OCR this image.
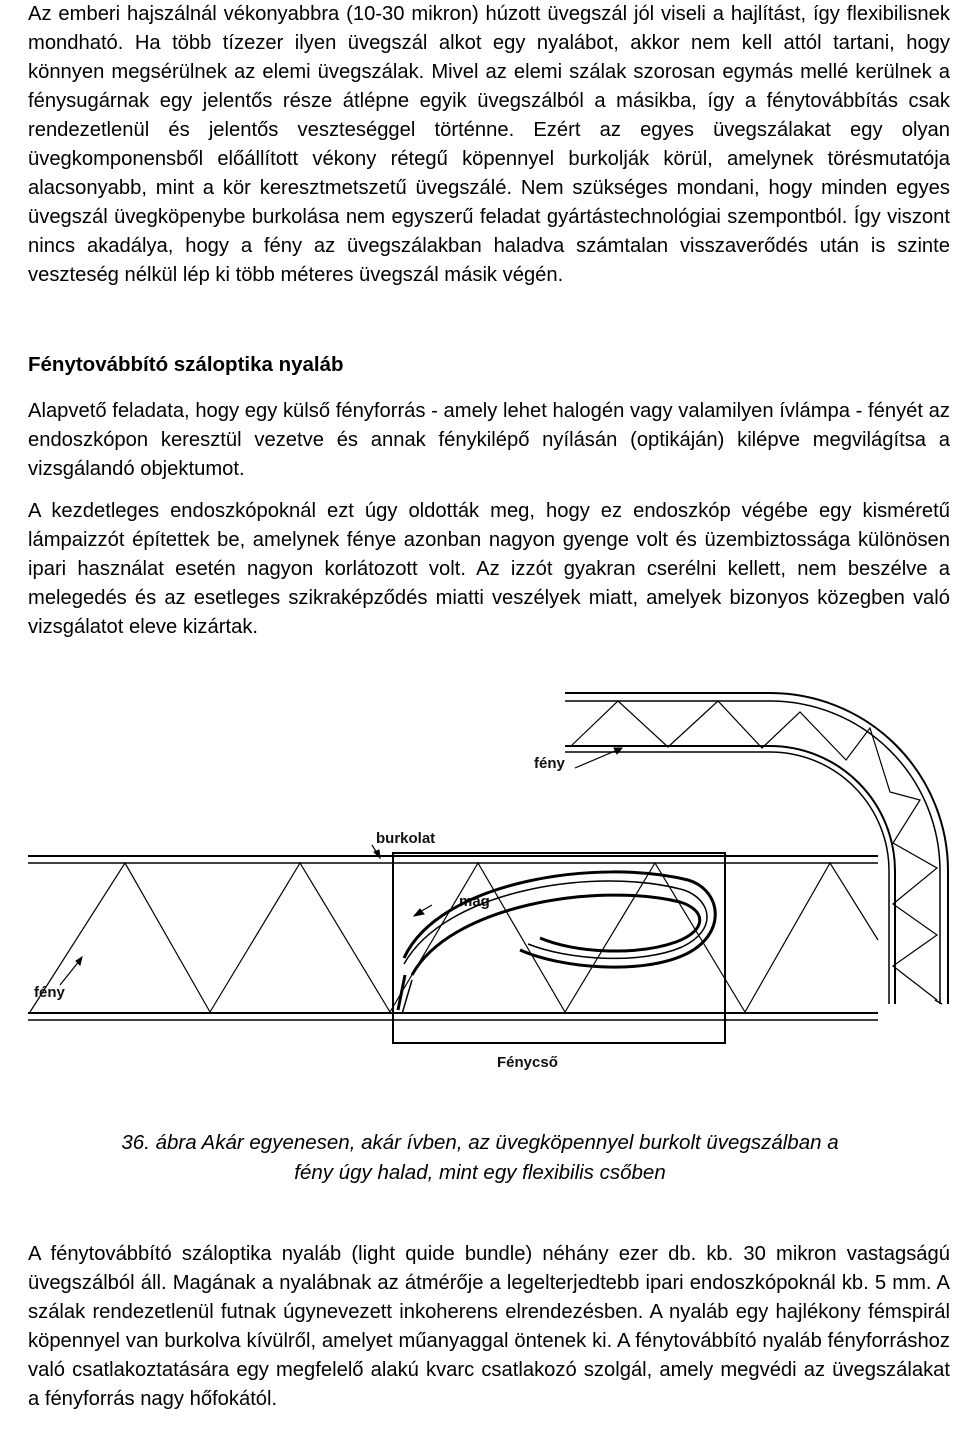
Az emberi hajszálnál vékonyabbra (10-30 mikron) húzott üvegszál jól viseli a hajlítást, így flexibilisnek mondható. Ha több tízezer ilyen üvegszál alkot egy nyalábot, akkor nem kell attól tartani, hogy könnyen megsérülnek az elemi üvegszálak. Mivel az elemi szálak szorosan egymás mellé kerülnek a fénysugárnak egy jelentős része átlépne egyik üvegszálból a másikba, így a fénytovábbítás csak rendezetlenül és jelentős veszteséggel történne. Ezért az egyes üvegszálakat egy olyan üvegkomponensből előállított vékony rétegű köpennyel burkolják körül, amelynek törésmutatója alacsonyabb, mint a kör keresztmetszetű üvegszálé. Nem szükséges mondani, hogy minden egyes üvegszál üvegköpenybe burkolása nem egyszerű feladat gyártástechnológiai szempontból. Így viszont nincs akadálya, hogy a fény az üvegszálakban haladva számtalan visszaverődés után is szinte veszteség nélkül lép ki több méteres üvegszál másik végén.

Fénytovábbító száloptika nyaláb

Alapvető feladata, hogy egy külső fényforrás - amely lehet halogén vagy valamilyen ívlámpa - fényét az endoszkópon keresztül vezetve és annak fénykilépő nyílásán (optikáján) kilépve megvilágítsa a vizsgálandó objektumot.

A kezdetleges endoszkópoknál ezt úgy oldották meg, hogy ez endoszkóp végébe egy kisméretű lámpaizzót építettek be, amelynek fénye azonban nagyon gyenge volt és üzembiztossága különösen ipari használat esetén nagyon korlátozott volt. Az izzót gyakran cserélni kellett, nem beszélve a melegedés és az esetleges szikraképződés miatti veszélyek miatt, amelyek bizonyos közegben való vizsgálatot eleve kizártak.

fény
burkolat
mag
fény
Fénycső
36. ábra Akár egyenesen, akár ívben, az üvegköpennyel burkolt üvegszálban a
fény úgy halad, mint egy flexibilis csőben

A fénytovábbító száloptika nyaláb (light quide bundle) néhány ezer db. kb. 30 mikron vastagságú üvegszálból áll. Magának a nyalábnak az átmérője a legelterjedtebb ipari endoszkópoknál kb. 5 mm. A szálak rendezetlenül futnak úgynevezett inkoherens elrendezésben. A nyaláb egy hajlékony fémspirál köpennyel van burkolva kívülről, amelyet műanyaggal öntenek ki. A fénytovábbító nyaláb fényforráshoz való csatlakoztatására egy megfelelő alakú kvarc csatlakozó szolgál, amely megvédi az üvegszálakat a fényforrás nagy hőfokától.
